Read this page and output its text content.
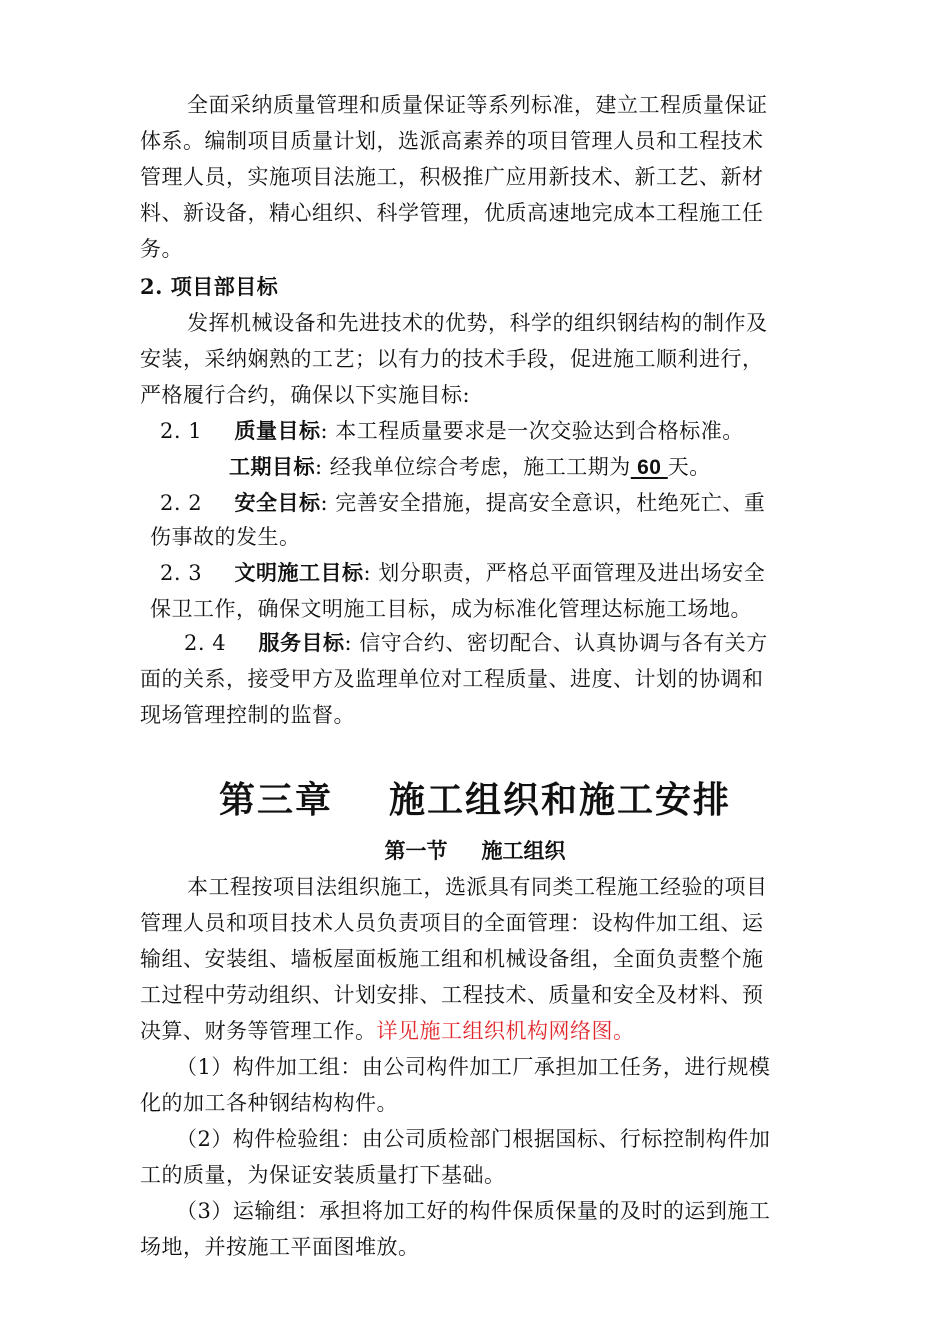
全面采纳质量管理和质量保证等系列标准，建立工程质量保证
体系。编制项目质量计划，选派高素养的项目管理人员和工程技术
管理人员，实施项目法施工，积极推广应用新技术、新工艺、新材
料、新设备，精心组织、科学管理，优质高速地完成本工程施工任
务。
2. 项目部目标
发挥机械设备和先进技术的优势，科学的组织钢结构的制作及
安装，采纳娴熟的工艺；以有力的技术手段，促进施工顺利进行，
严格履行合约，确保以下实施目标:
2. 1 质量目标: 本工程质量要求是一次交验达到合格标准。
工期目标: 经我单位综合考虑，施工工期为 60 天。
2. 2 安全目标: 完善安全措施，提高安全意识，杜绝死亡、重
伤事故的发生。
2. 3 文明施工目标: 划分职责，严格总平面管理及进出场安全
保卫工作，确保文明施工目标，成为标准化管理达标施工场地。
2. 4 服务目标: 信守合约、密切配合、认真协调与各有关方
面的关系，接受甲方及监理单位对工程质量、进度、计划的协调和
现场管理控制的监督。
第三章 施工组织和施工安排
第一节 施工组织
本工程按项目法组织施工，选派具有同类工程施工经验的项目
管理人员和项目技术人员负责项目的全面管理：设构件加工组、运
输组、安装组、墙板屋面板施工组和机械设备组，全面负责整个施
工过程中劳动组织、计划安排、工程技术、质量和安全及材料、预
决算、财务等管理工作。详见施工组织机构网络图。
（1）构件加工组：由公司构件加工厂承担加工任务，进行规模
化的加工各种钢结构构件。
（2）构件检验组：由公司质检部门根据国标、行标控制构件加
工的质量，为保证安装质量打下基础。
（3）运输组：承担将加工好的构件保质保量的及时的运到施工
场地，并按施工平面图堆放。
